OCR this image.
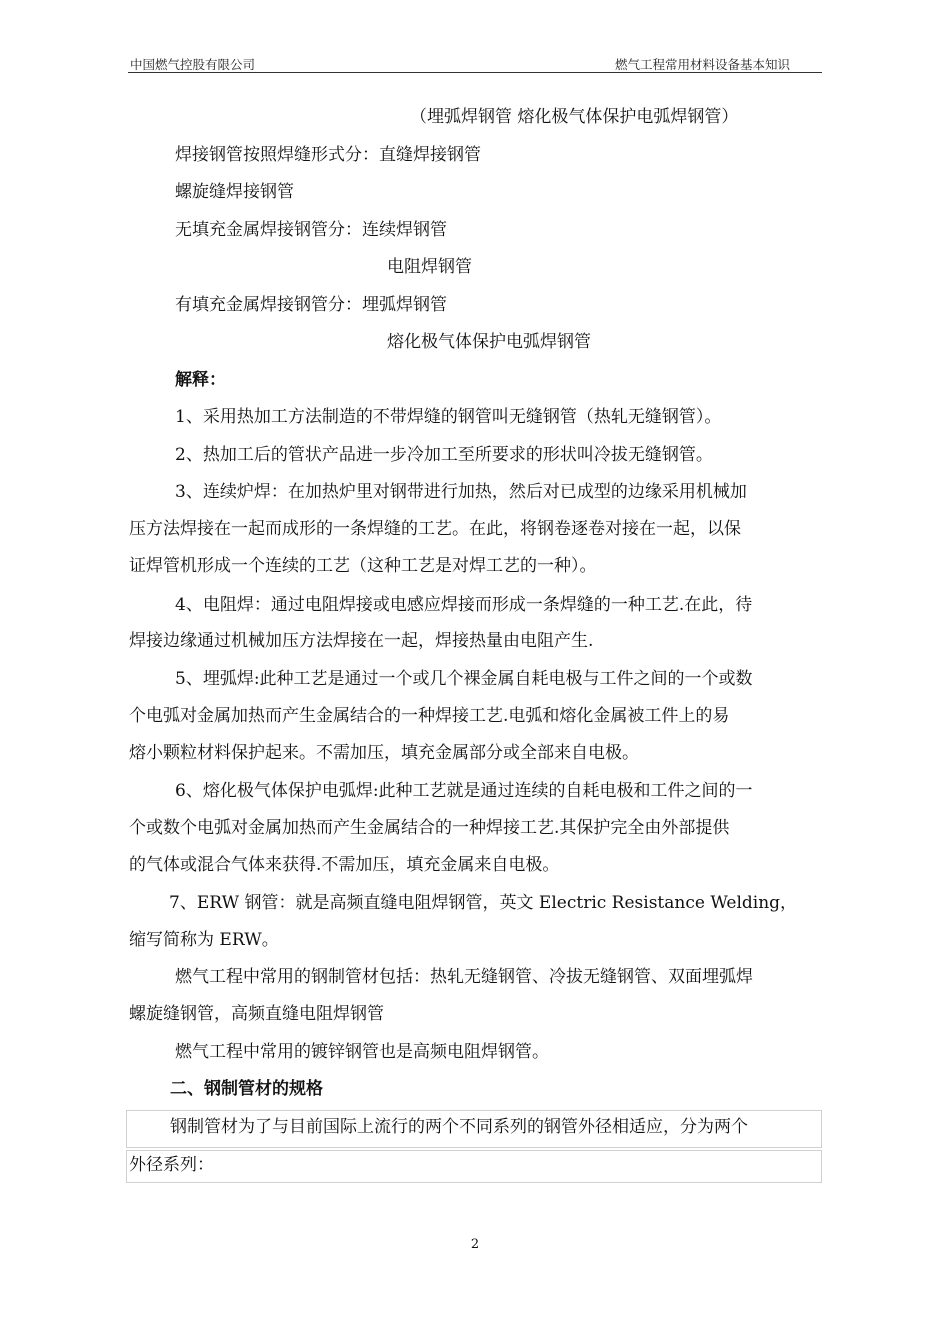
中国燃气控股有限公司	燃气工程常用材料设备基本知识
（埋弧焊钢管 熔化极气体保护电弧焊钢管）
焊接钢管按照焊缝形式分：直缝焊接钢管
螺旋缝焊接钢管
无填充金属焊接钢管分：连续焊钢管
电阻焊钢管
有填充金属焊接钢管分：埋弧焊钢管
熔化极气体保护电弧焊钢管
解释：
1、采用热加工方法制造的不带焊缝的钢管叫无缝钢管（热轧无缝钢管）。
2、热加工后的管状产品进一步冷加工至所要求的形状叫冷拔无缝钢管。
3、连续炉焊：在加热炉里对钢带进行加热，然后对已成型的边缘采用机械加
压方法焊接在一起而成形的一条焊缝的工艺。在此，将钢卷逐卷对接在一起，以保
证焊管机形成一个连续的工艺（这种工艺是对焊工艺的一种）。
4、电阻焊：通过电阻焊接或电感应焊接而形成一条焊缝的一种工艺.在此，待
焊接边缘通过机械加压方法焊接在一起，焊接热量由电阻产生.
5、埋弧焊:此种工艺是通过一个或几个裸金属自耗电极与工件之间的一个或数
个电弧对金属加热而产生金属结合的一种焊接工艺.电弧和熔化金属被工件上的易
熔小颗粒材料保护起来。不需加压，填充金属部分或全部来自电极。
6、熔化极气体保护电弧焊:此种工艺就是通过连续的自耗电极和工件之间的一
个或数个电弧对金属加热而产生金属结合的一种焊接工艺.其保护完全由外部提供
的气体或混合气体来获得.不需加压，填充金属来自电极。
7、ERW 钢管：就是高频直缝电阻焊钢管，英文 Electric Resistance Welding，
缩写简称为 ERW。
燃气工程中常用的钢制管材包括：热轧无缝钢管、冷拔无缝钢管、双面埋弧焊
螺旋缝钢管，高频直缝电阻焊钢管
燃气工程中常用的镀锌钢管也是高频电阻焊钢管。
二、钢制管材的规格
钢制管材为了与目前国际上流行的两个不同系列的钢管外径相适应，分为两个
外径系列：
2
